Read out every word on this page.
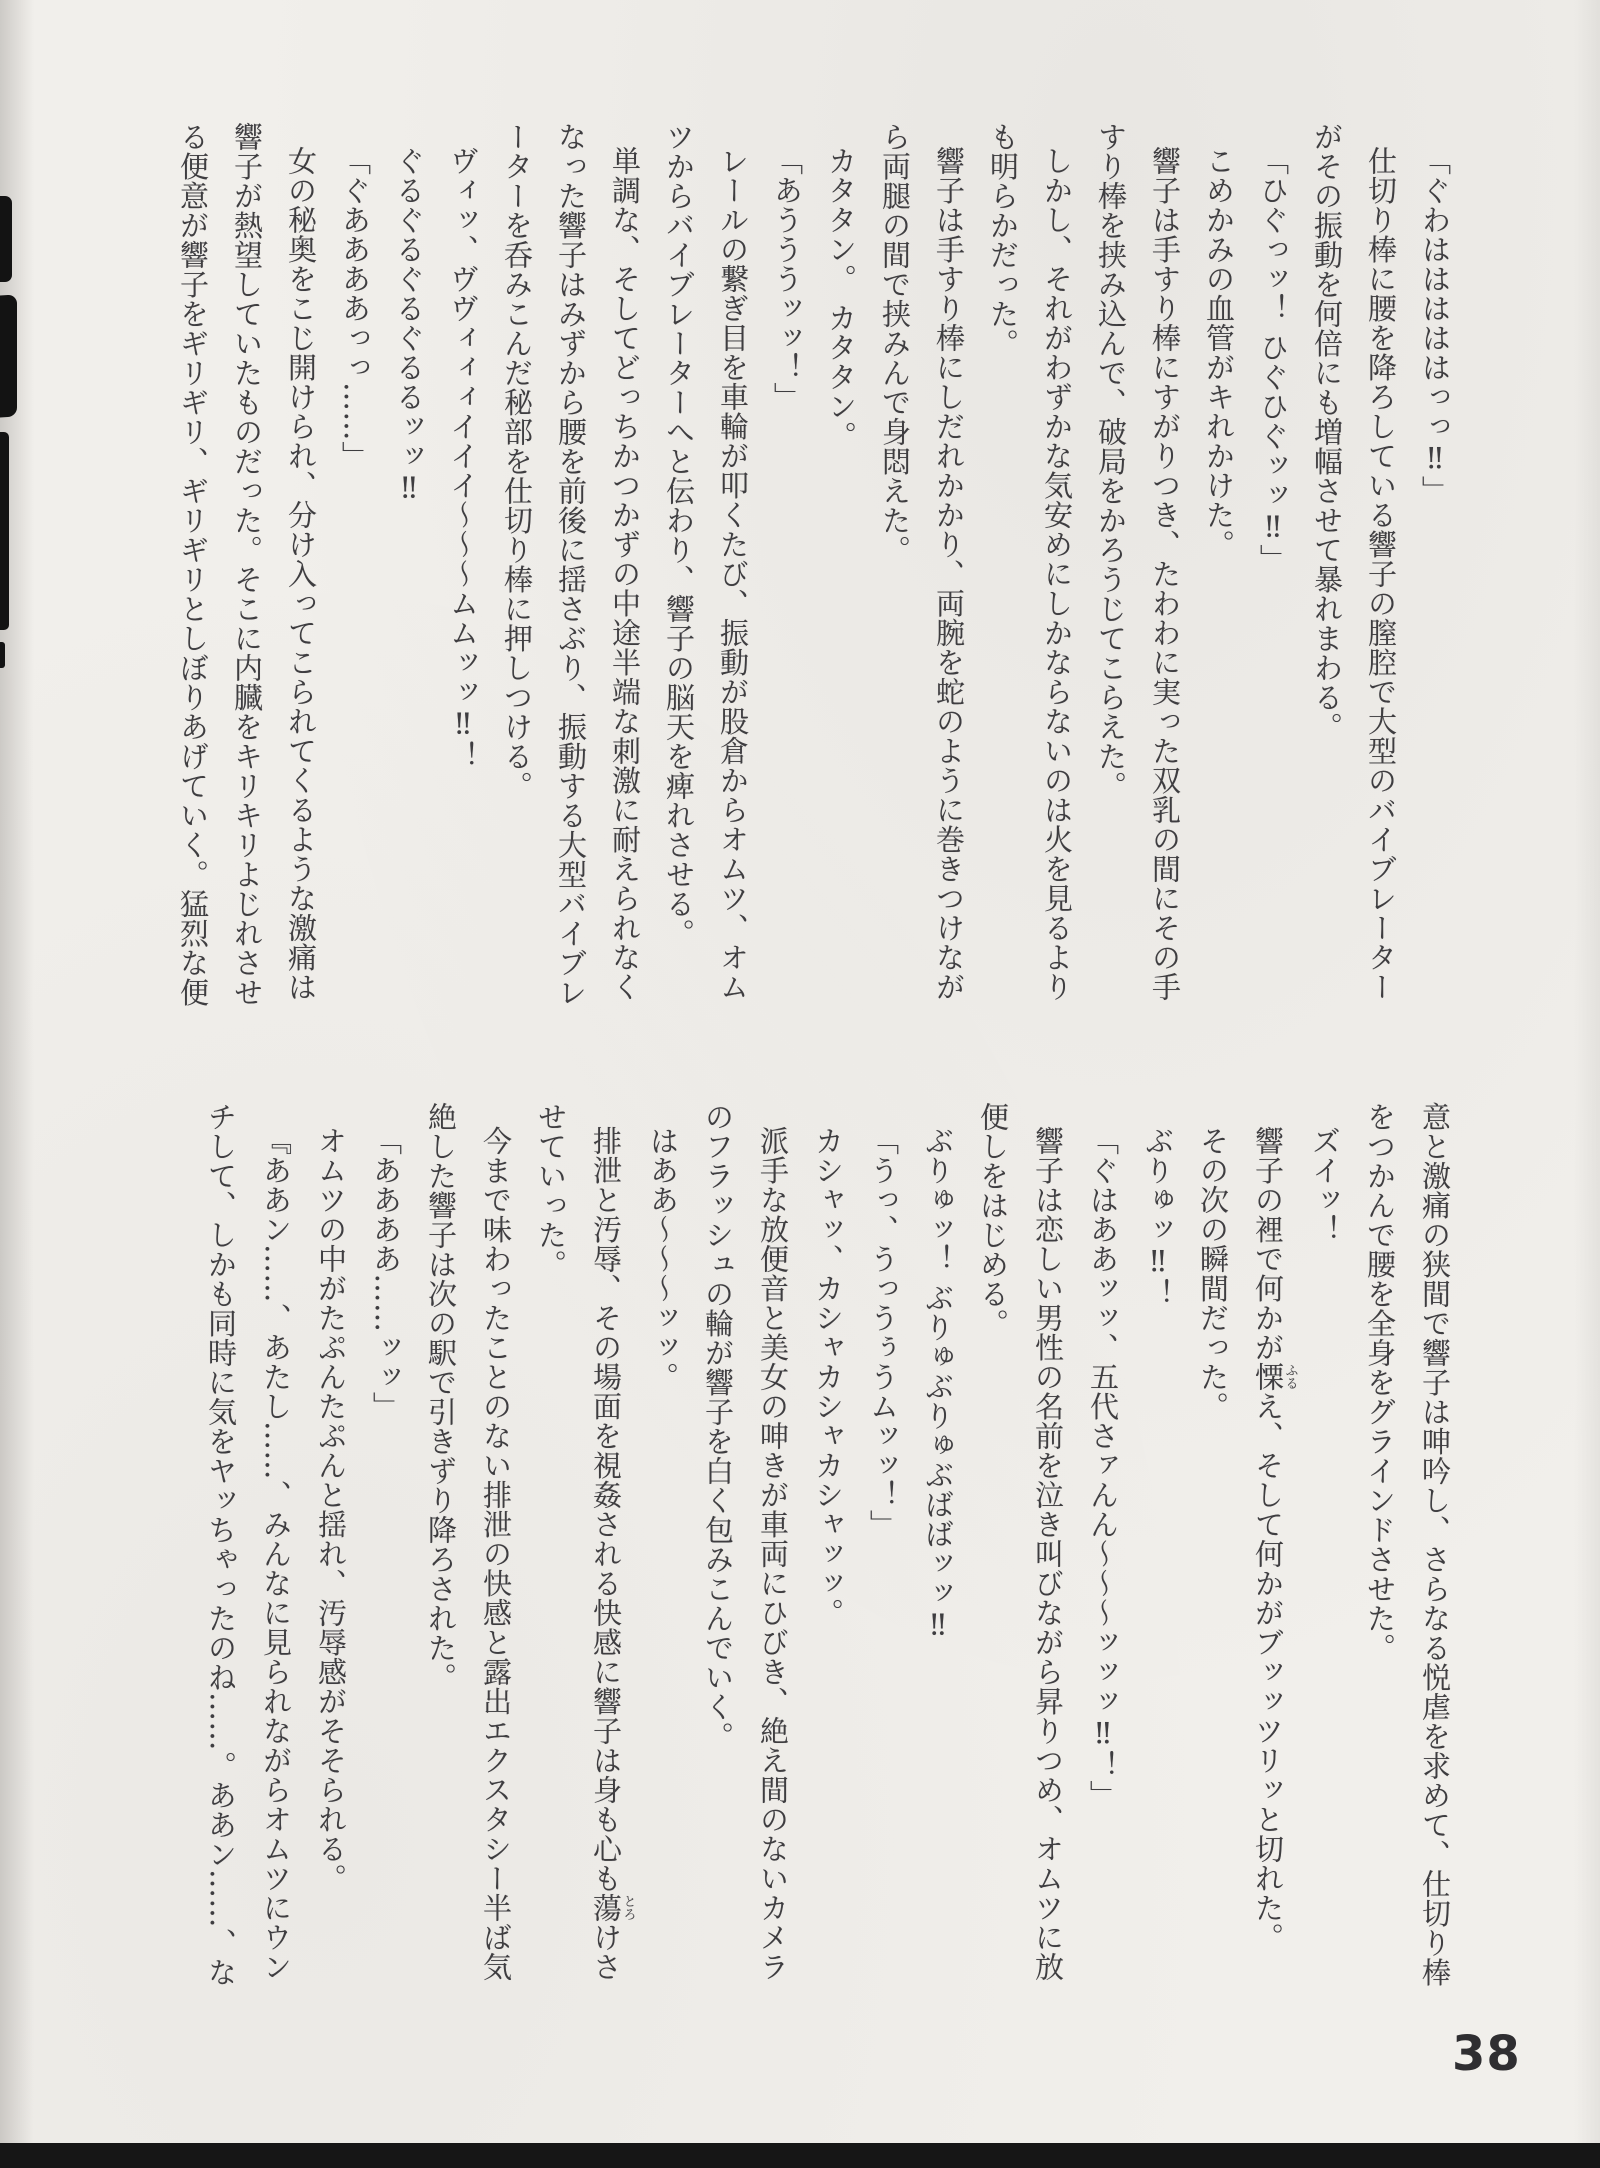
「ぐわはははははっっ‼」

仕切り棒に腰を降ろしている響子の膣腔で大型のバイブレーター

がその振動を何倍にも増幅させて暴れまわる。

「ひぐっッ！ ひぐひぐッッ‼」

こめかみの血管がキれかけた。

響子は手すり棒にすがりつき、たわわに実った双乳の間にその手

すり棒を挟み込んで、破局をかろうじてこらえた。

しかし、それがわずかな気安めにしかならないのは火を見るより

も明らかだった。

響子は手すり棒にしだれかかり、両腕を蛇のように巻きつけなが

ら両腿の間で挟みんで身悶えた。

カタタン。 カタタン。

「あうううッッ！」

レールの繋ぎ目を車輪が叩くたび、振動が股倉からオムツ、オム

ツからバイブレーターへと伝わり、響子の脳天を痺れさせる。

単調な、そしてどっちかつかずの中途半端な刺激に耐えられなく

なった響子はみずから腰を前後に揺さぶり、振動する大型バイブレ

ーターを呑みこんだ秘部を仕切り棒に押しつける。

ヴィッ、ヴヴィィィイイイ〜〜〜ムムッッ‼！

ぐるぐるぐるぐるるッッ‼

「ぐああああっっ……」

女の秘奥をこじ開けられ、分け入ってこられてくるような激痛は

響子が熱望していたものだった。そこに内臓をキリキリよじれさせ

る便意が響子をギリギリ、ギリギリとしぼりあげていく。猛烈な便

意と激痛の狭間で響子は呻吟し、さらなる悦虐を求めて、仕切り棒

をつかんで腰を全身をグラインドさせた。

ズイッ！

響子の裡で何かが慄ふるえ、そして何かがブッッツリッと切れた。

その次の瞬間だった。

ぶりゅッ‼！

「ぐはああッッ、五代さァんん〜〜〜ッッッ‼！」

響子は恋しい男性の名前を泣き叫びながら昇りつめ、オムツに放

便しをはじめる。

ぶりゅッ！ ぶりゅぶりゅぶばばッッ‼

「うっ、うっうぅうムッッ！」

カシャッ、カシャカシャカシャッッ。

派手な放便音と美女の呻きが車両にひびき、絶え間のないカメラ

のフラッシュの輪が響子を白く包みこんでいく。

はああ〜〜〜ッッ。

排泄と汚辱、その場面を視姦される快感に響子は身も心も蕩とろけさ

せていった。

今まで味わったことのない排泄の快感と露出エクスタシー半ば気

絶した響子は次の駅で引きずり降ろされた。

「ああああ……ッッ」

オムツの中がたぷんたぷんと揺れ、汚辱感がそそられる。

『ああン……、あたし……、みんなに見られながらオムツにウン

チして、しかも同時に気をヤッちゃったのね……。ああン……、な

38
